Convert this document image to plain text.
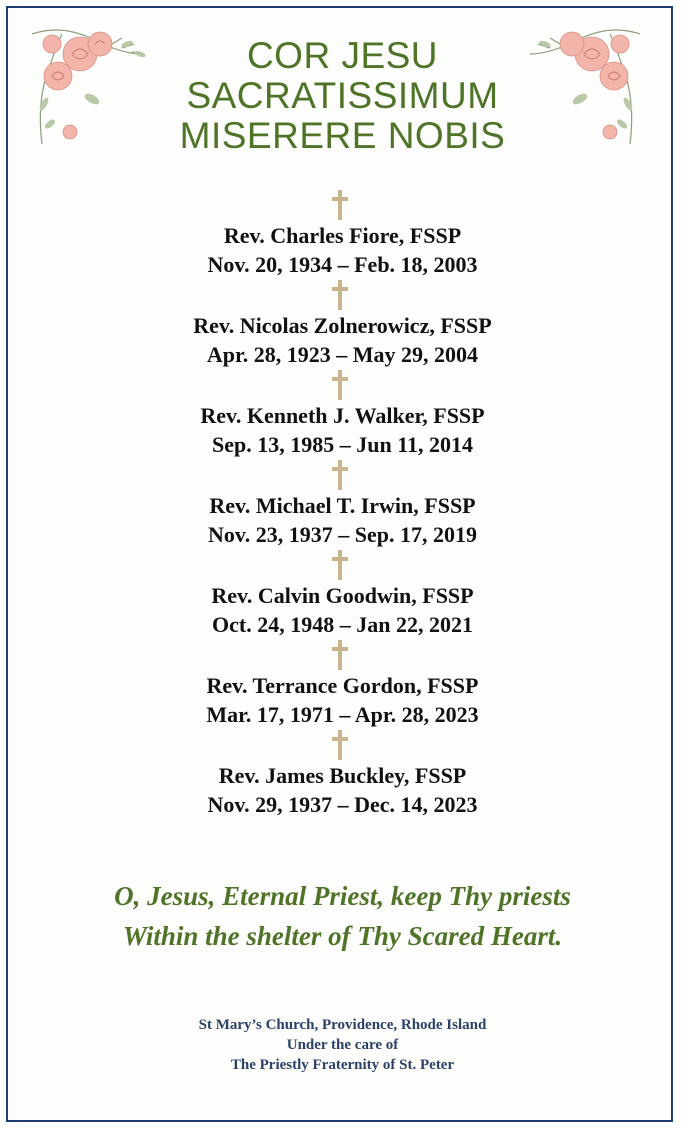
COR JESU
SACRATISSIMUM
MISERERE NOBIS
Rev. Charles Fiore, FSSP
Nov. 20, 1934 – Feb. 18, 2003
Rev. Nicolas Zolnerowicz, FSSP
Apr. 28, 1923 – May 29, 2004
Rev. Kenneth J. Walker, FSSP
Sep. 13, 1985 – Jun 11, 2014
Rev. Michael T. Irwin, FSSP
Nov. 23, 1937 – Sep. 17, 2019
Rev. Calvin Goodwin, FSSP
Oct. 24, 1948 – Jan 22, 2021
Rev. Terrance Gordon, FSSP
Mar. 17, 1971 – Apr. 28, 2023
Rev. James Buckley, FSSP
Nov. 29, 1937 – Dec. 14, 2023
O, Jesus, Eternal Priest, keep Thy priests
Within the shelter of Thy Scared Heart.
St Mary’s Church, Providence, Rhode Island
Under the care of
The Priestly Fraternity of St. Peter
